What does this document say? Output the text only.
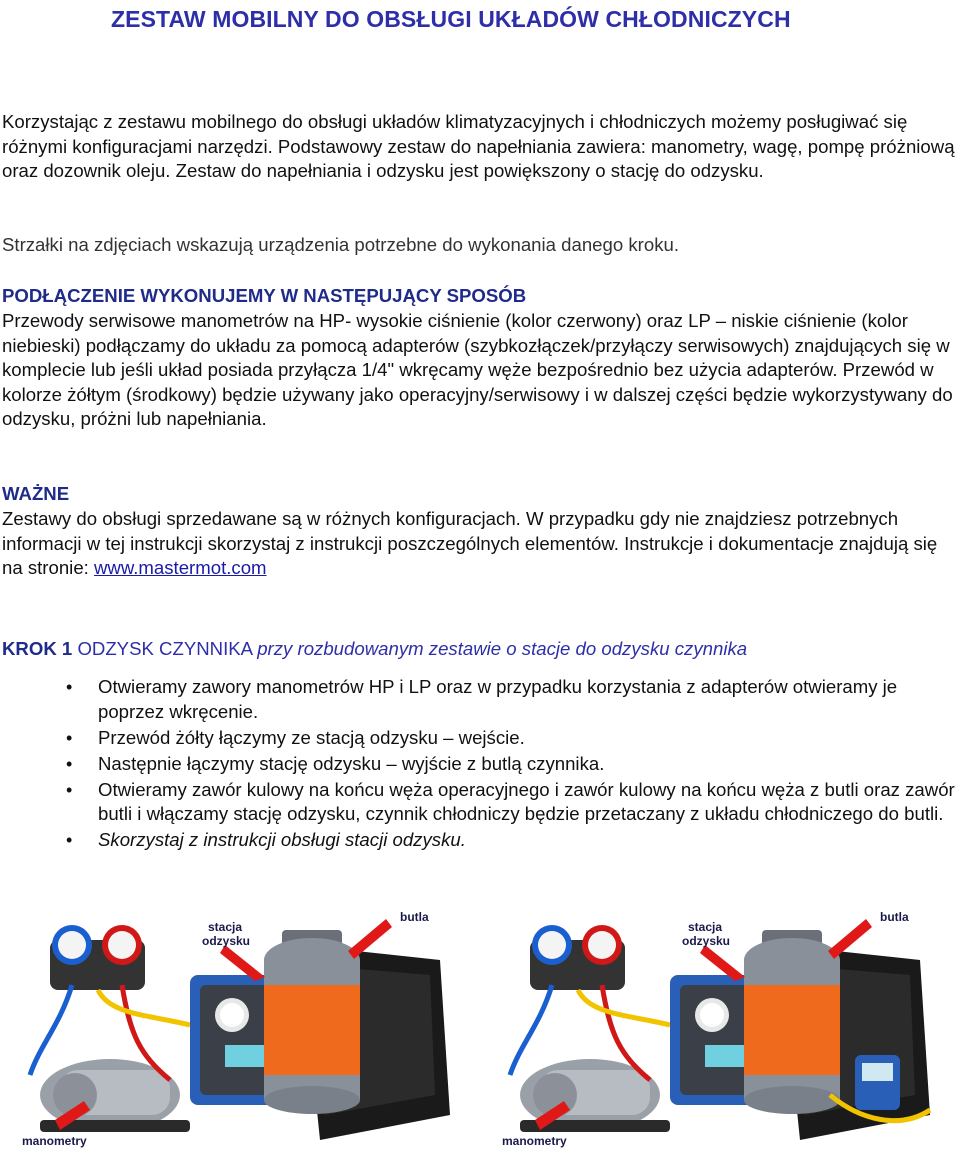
ZESTAW MOBILNY DO OBSŁUGI UKŁADÓW CHŁODNICZYCH

Korzystając z zestawu mobilnego do obsługi układów klimatyzacyjnych i chłodniczych możemy posługiwać się różnymi konfiguracjami narzędzi. Podstawowy zestaw do napełniania zawiera: manometry, wagę, pompę próżniową oraz dozownik oleju. Zestaw do napełniania i odzysku jest powiększony o stację do odzysku.

Strzałki na zdjęciach wskazują urządzenia potrzebne do wykonania danego kroku.

PODŁĄCZENIE WYKONUJEMY W NASTĘPUJĄCY SPOSÓB

Przewody serwisowe manometrów na HP- wysokie ciśnienie (kolor czerwony) oraz LP – niskie ciśnienie (kolor niebieski) podłączamy do układu za pomocą adapterów (szybkozłączek/przyłączy serwisowych) znajdujących się w komplecie lub jeśli układ posiada przyłącza 1/4" wkręcamy węże bezpośrednio bez użycia adapterów. Przewód w kolorze żółtym (środkowy) będzie używany jako operacyjny/serwisowy i w dalszej części będzie wykorzystywany do odzysku, próżni lub napełniania.

WAŻNE

Zestawy do obsługi sprzedawane są w różnych konfiguracjach. W przypadku gdy nie znajdziesz potrzebnych informacji w tej instrukcji skorzystaj z instrukcji poszczególnych elementów. Instrukcje i dokumentacje znajdują się na stronie: www.mastermot.com

KROK 1 ODZYSK CZYNNIKA przy rozbudowanym zestawie o stacje do odzysku czynnika

• Otwieramy zawory manometrów HP i LP oraz w przypadku korzystania z adapterów otwieramy je poprzez wkręcenie.
• Przewód żółty łączymy ze stacją odzysku – wejście.
• Następnie łączymy stację odzysku – wyjście z butlą czynnika.
• Otwieramy zawór kulowy na końcu węża operacyjnego i zawór kulowy na końcu węża z butli oraz zawór butli i włączamy stację odzysku, czynnik chłodniczy będzie przetaczany z układu chłodniczego do butli.
• Skorzystaj z instrukcji obsługi stacji odzysku.
stacja
odzysku
butla
manometry
stacja
odzysku
butla
manometry
